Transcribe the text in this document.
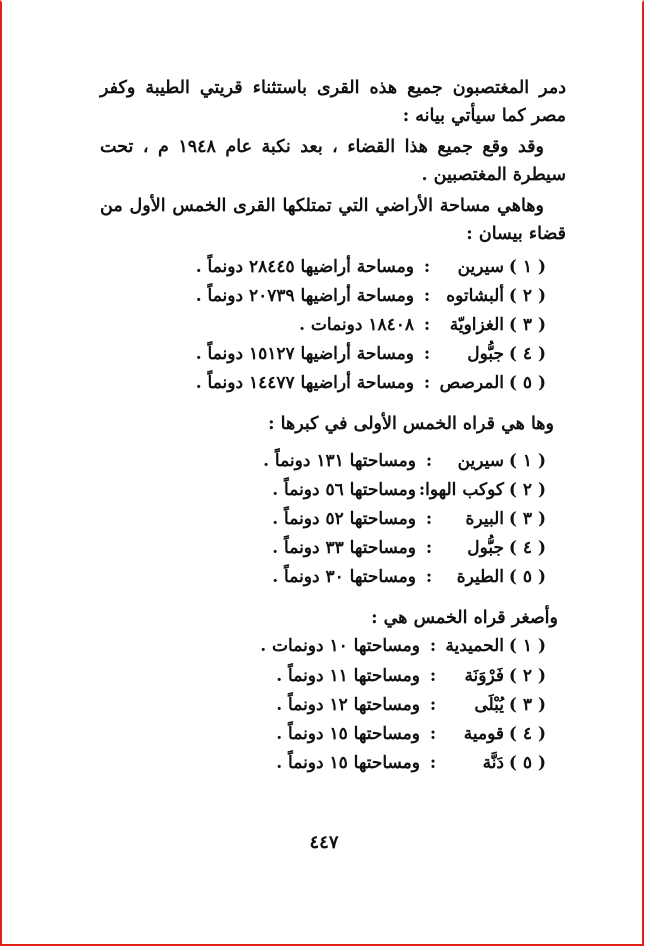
دمر المغتصبون جميع هذه القرى باستثناء قريتي الطيبة وكفر مصر كما سيأتي بيانه :

وقد وقع جميع هذا القضاء ، بعد نكبة عام ١٩٤٨ م ، تحت سيطرة المغتصبين .

وهاهي مساحة الأراضي التي تمتلكها القرى الخمس الأول من قضاء بيسان :

( ١ )
سيرين
:
ومساحة أراضيها ٢٨٤٤٥ دونماً .
( ٢ )
ألبشاتوه
:
ومساحة أراضيها ٢٠٧٣٩ دونماً .
( ٣ )
الغزاويّة
:
١٨٤٠٨ دونمات .
( ٤ )
جبُّول
:
ومساحة أراضيها ١٥١٢٧ دونماً .
( ٥ )
المرصص
:
ومساحة أراضيها ١٤٤٧٧ دونماً .

وها هي قراه الخمس الأولى في كبرها :

( ١ )
سيرين
:
ومساحتها ١٣١ دونماً .
( ٢ )
كوكب الهوا:
ومساحتها ٥٦ دونماً .
( ٣ )
البيرة
:
ومساحتها ٥٢ دونماً .
( ٤ )
جبُّول
:
ومساحتها ٣٣ دونماً .
( ٥ )
الطيرة
:
ومساحتها ٣٠ دونماً .

وأصغر قراه الخمس هي :

( ١ )
الحميدية
:
ومساحتها ١٠ دونمات .
( ٢ )
فَرْوَنَة
:
ومساحتها ١١ دونماً .
( ٣ )
يُبْلَى
:
ومساحتها ١٢ دونماً .
( ٤ )
قومية
:
ومساحتها ١٥ دونماً .
( ٥ )
دَنَّة
:
ومساحتها ١٥ دونماً .
٤٤٧
